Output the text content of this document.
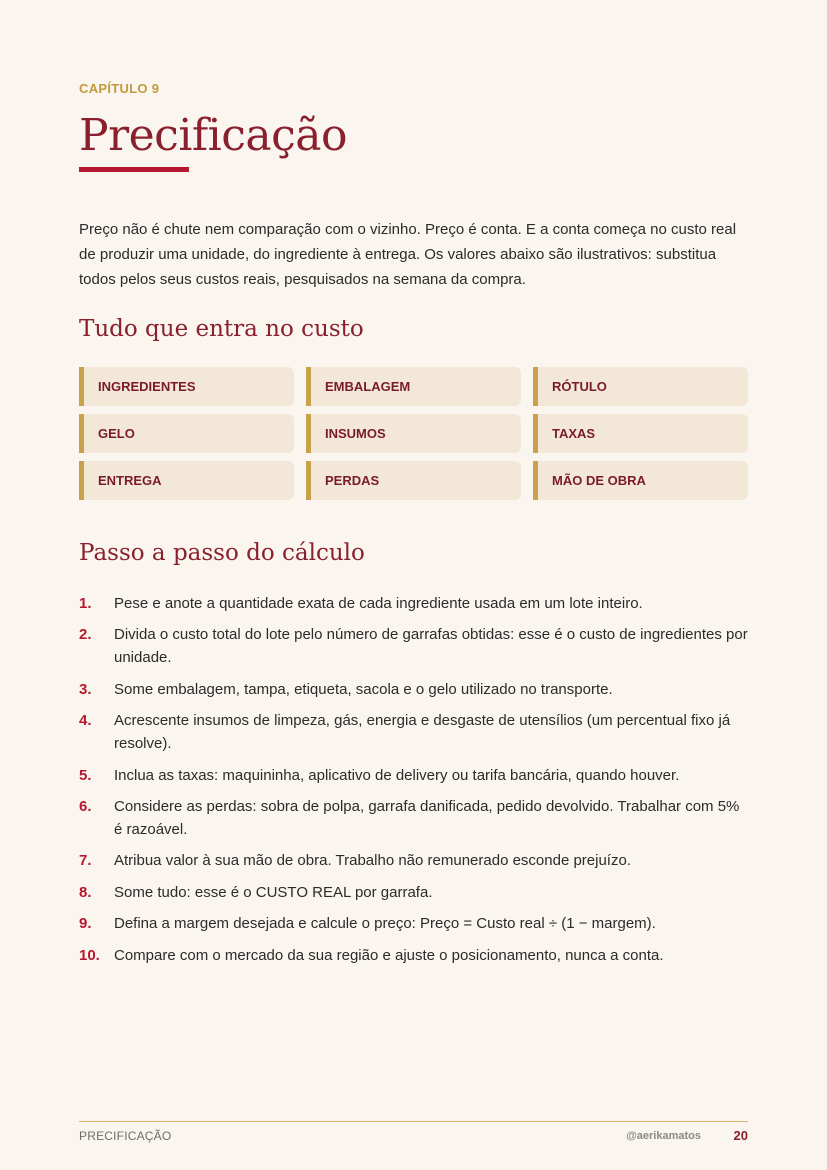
CAPÍTULO 9
Precificação

Preço não é chute nem comparação com o vizinho. Preço é conta. E a conta começa no custo real de produzir uma unidade, do ingrediente à entrega. Os valores abaixo são ilustrativos: substitua todos pelos seus custos reais, pesquisados na semana da compra.

Tudo que entra no custo
INGREDIENTES	EMBALAGEM	RÓTULO
GELO	INSUMOS	TAXAS
ENTREGA	PERDAS	MÃO DE OBRA
Passo a passo do cálculo
1.	Pese e anote a quantidade exata de cada ingrediente usada em um lote inteiro.
2.	Divida o custo total do lote pelo número de garrafas obtidas: esse é o custo de ingredientes por unidade.
3.	Some embalagem, tampa, etiqueta, sacola e o gelo utilizado no transporte.
4.	Acrescente insumos de limpeza, gás, energia e desgaste de utensílios (um percentual fixo já resolve).
5.	Inclua as taxas: maquininha, aplicativo de delivery ou tarifa bancária, quando houver.
6.	Considere as perdas: sobra de polpa, garrafa danificada, pedido devolvido. Trabalhar com 5% é razoável.
7.	Atribua valor à sua mão de obra. Trabalho não remunerado esconde prejuízo.
8.	Some tudo: esse é o CUSTO REAL por garrafa.
9.	Defina a margem desejada e calcule o preço: Preço = Custo real ÷ (1 − margem).
10. Compare com o mercado da sua região e ajuste o posicionamento, nunca a conta.
PRECIFICAÇÃO	@aerikamatos	20
